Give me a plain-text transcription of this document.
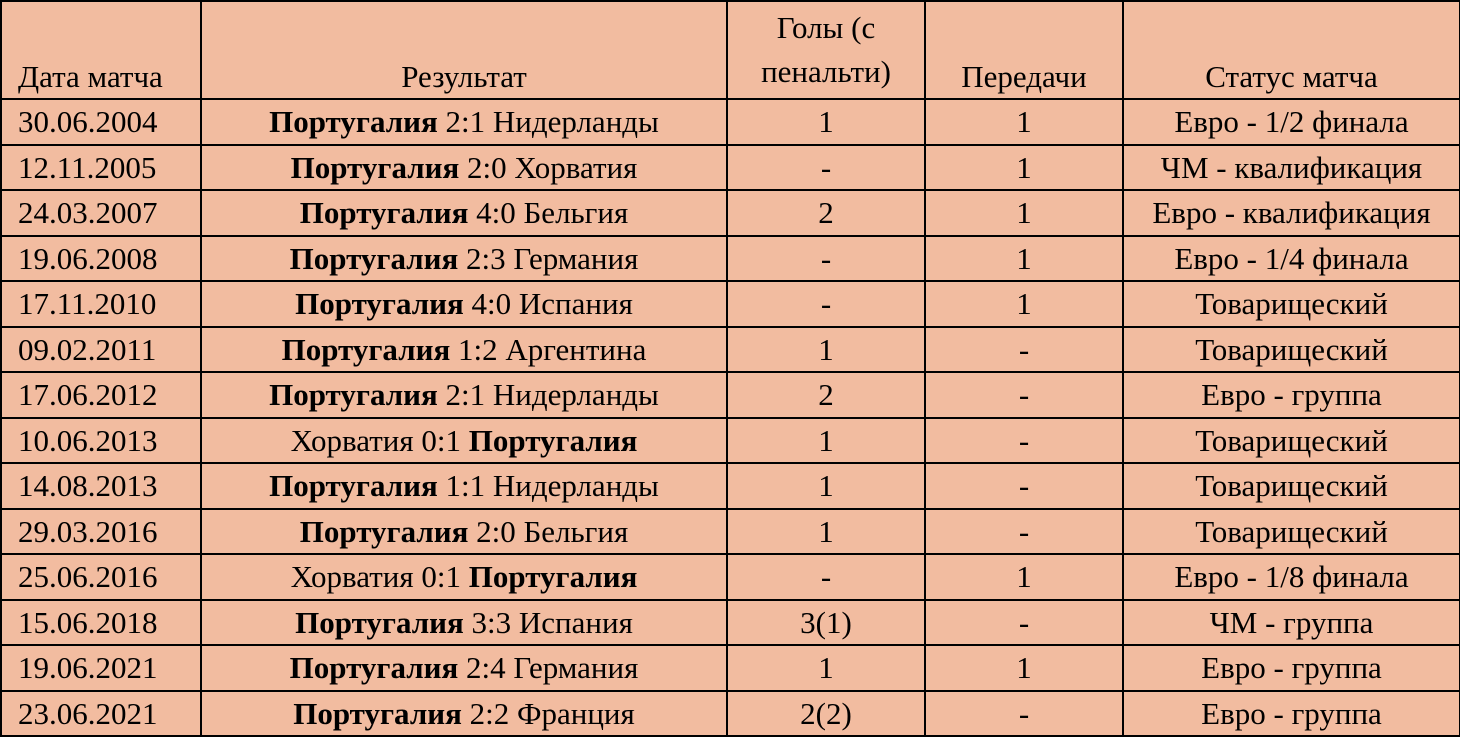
Дата матча	Результат	Голы (с пенальти)	Передачи	Статус матча
30.06.2004	Португалия 2:1 Нидерланды	1	1	Евро - 1/2 финала
12.11.2005	Португалия 2:0 Хорватия	-	1	ЧМ - квалификация
24.03.2007	Португалия 4:0 Бельгия	2	1	Евро - квалификация
19.06.2008	Португалия 2:3 Германия	-	1	Евро - 1/4 финала
17.11.2010	Португалия 4:0 Испания	-	1	Товарищеский
09.02.2011	Португалия 1:2 Аргентина	1	-	Товарищеский
17.06.2012	Португалия 2:1 Нидерланды	2	-	Евро - группа
10.06.2013	Хорватия 0:1 Португалия	1	-	Товарищеский
14.08.2013	Португалия 1:1 Нидерланды	1	-	Товарищеский
29.03.2016	Португалия 2:0 Бельгия	1	-	Товарищеский
25.06.2016	Хорватия 0:1 Португалия	-	1	Евро - 1/8 финала
15.06.2018	Португалия 3:3 Испания	3(1)	-	ЧМ - группа
19.06.2021	Португалия 2:4 Германия	1	1	Евро - группа
23.06.2021	Португалия 2:2 Франция	2(2)	-	Евро - группа
